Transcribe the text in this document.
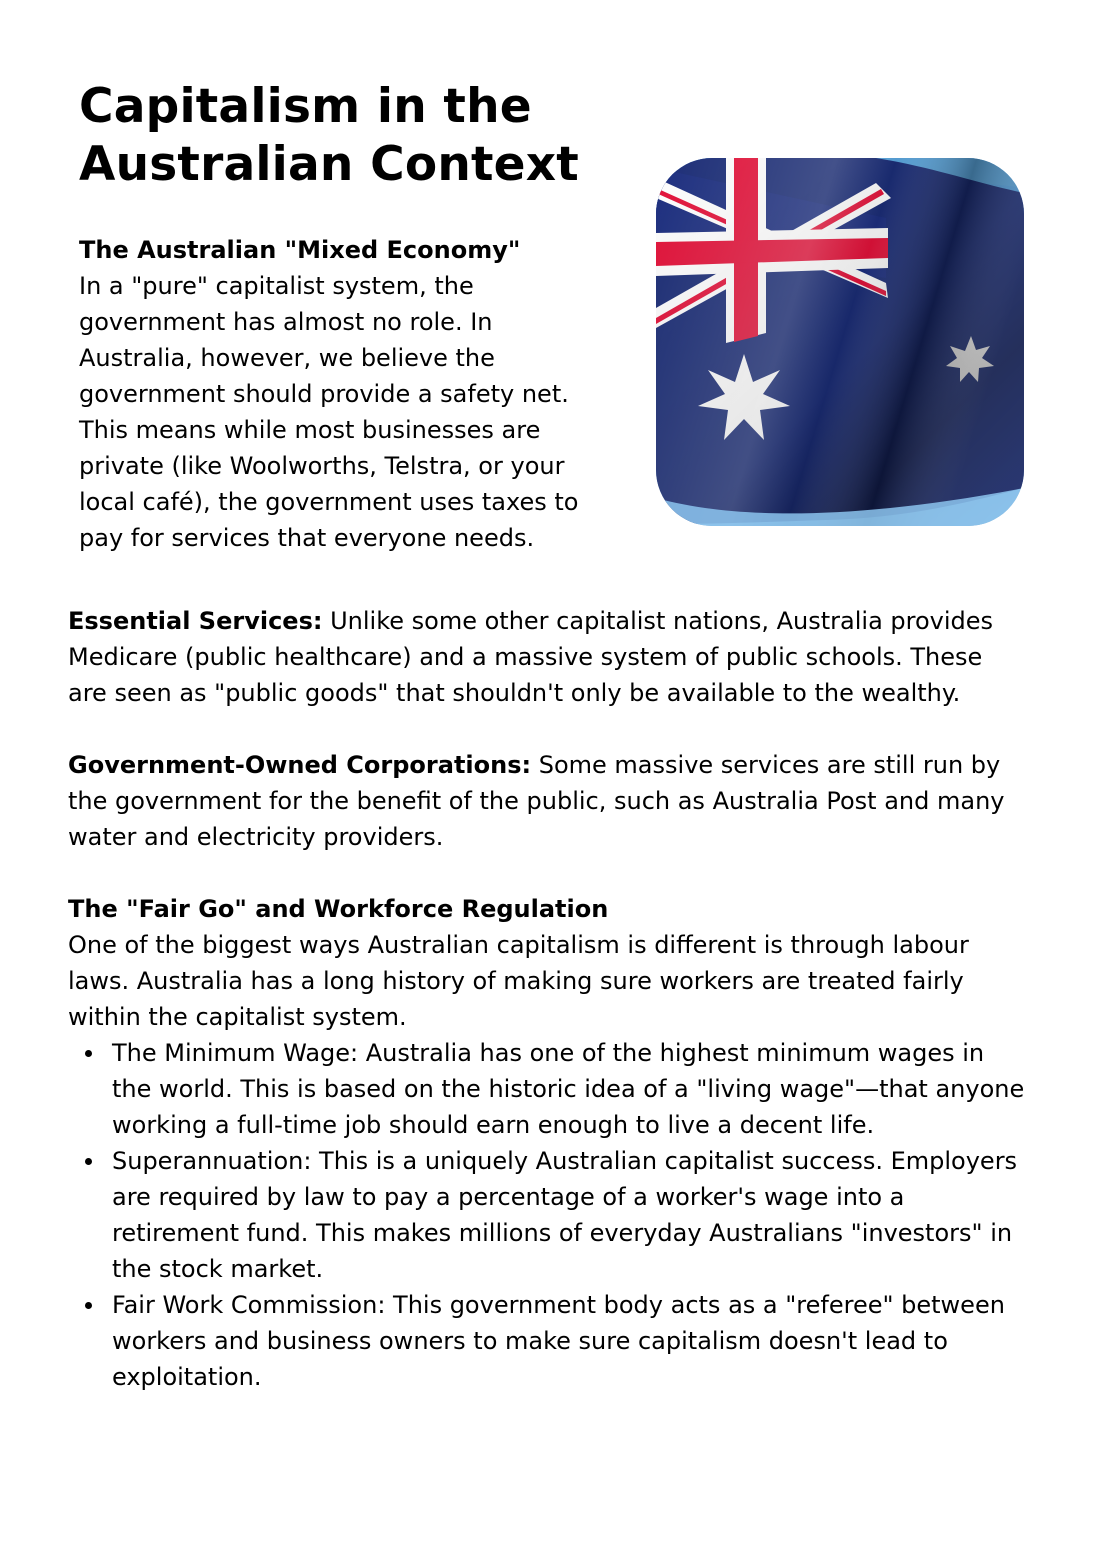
Capitalism in the Australian Context
The Australian "Mixed Economy"
In a "pure" capitalist system, the government has almost no role. In Australia, however, we believe the government should provide a safety net. This means while most businesses are private (like Woolworths, Telstra, or your local café), the government uses taxes to pay for services that everyone needs.
Essential Services: Unlike some other capitalist nations, Australia provides Medicare (public healthcare) and a massive system of public schools. These are seen as "public goods" that shouldn't only be available to the wealthy.
Government-Owned Corporations: Some massive services are still run by the government for the benefit of the public, such as Australia Post and many water and electricity providers.
The "Fair Go" and Workforce Regulation
One of the biggest ways Australian capitalism is different is through labour laws. Australia has a long history of making sure workers are treated fairly within the capitalist system.
The Minimum Wage: Australia has one of the highest minimum wages in the world. This is based on the historic idea of a "living wage"—that anyone working a full-time job should earn enough to live a decent life.
Superannuation: This is a uniquely Australian capitalist success. Employers are required by law to pay a percentage of a worker's wage into a retirement fund. This makes millions of everyday Australians "investors" in the stock market.
Fair Work Commission: This government body acts as a "referee" between workers and business owners to make sure capitalism doesn't lead to exploitation.
